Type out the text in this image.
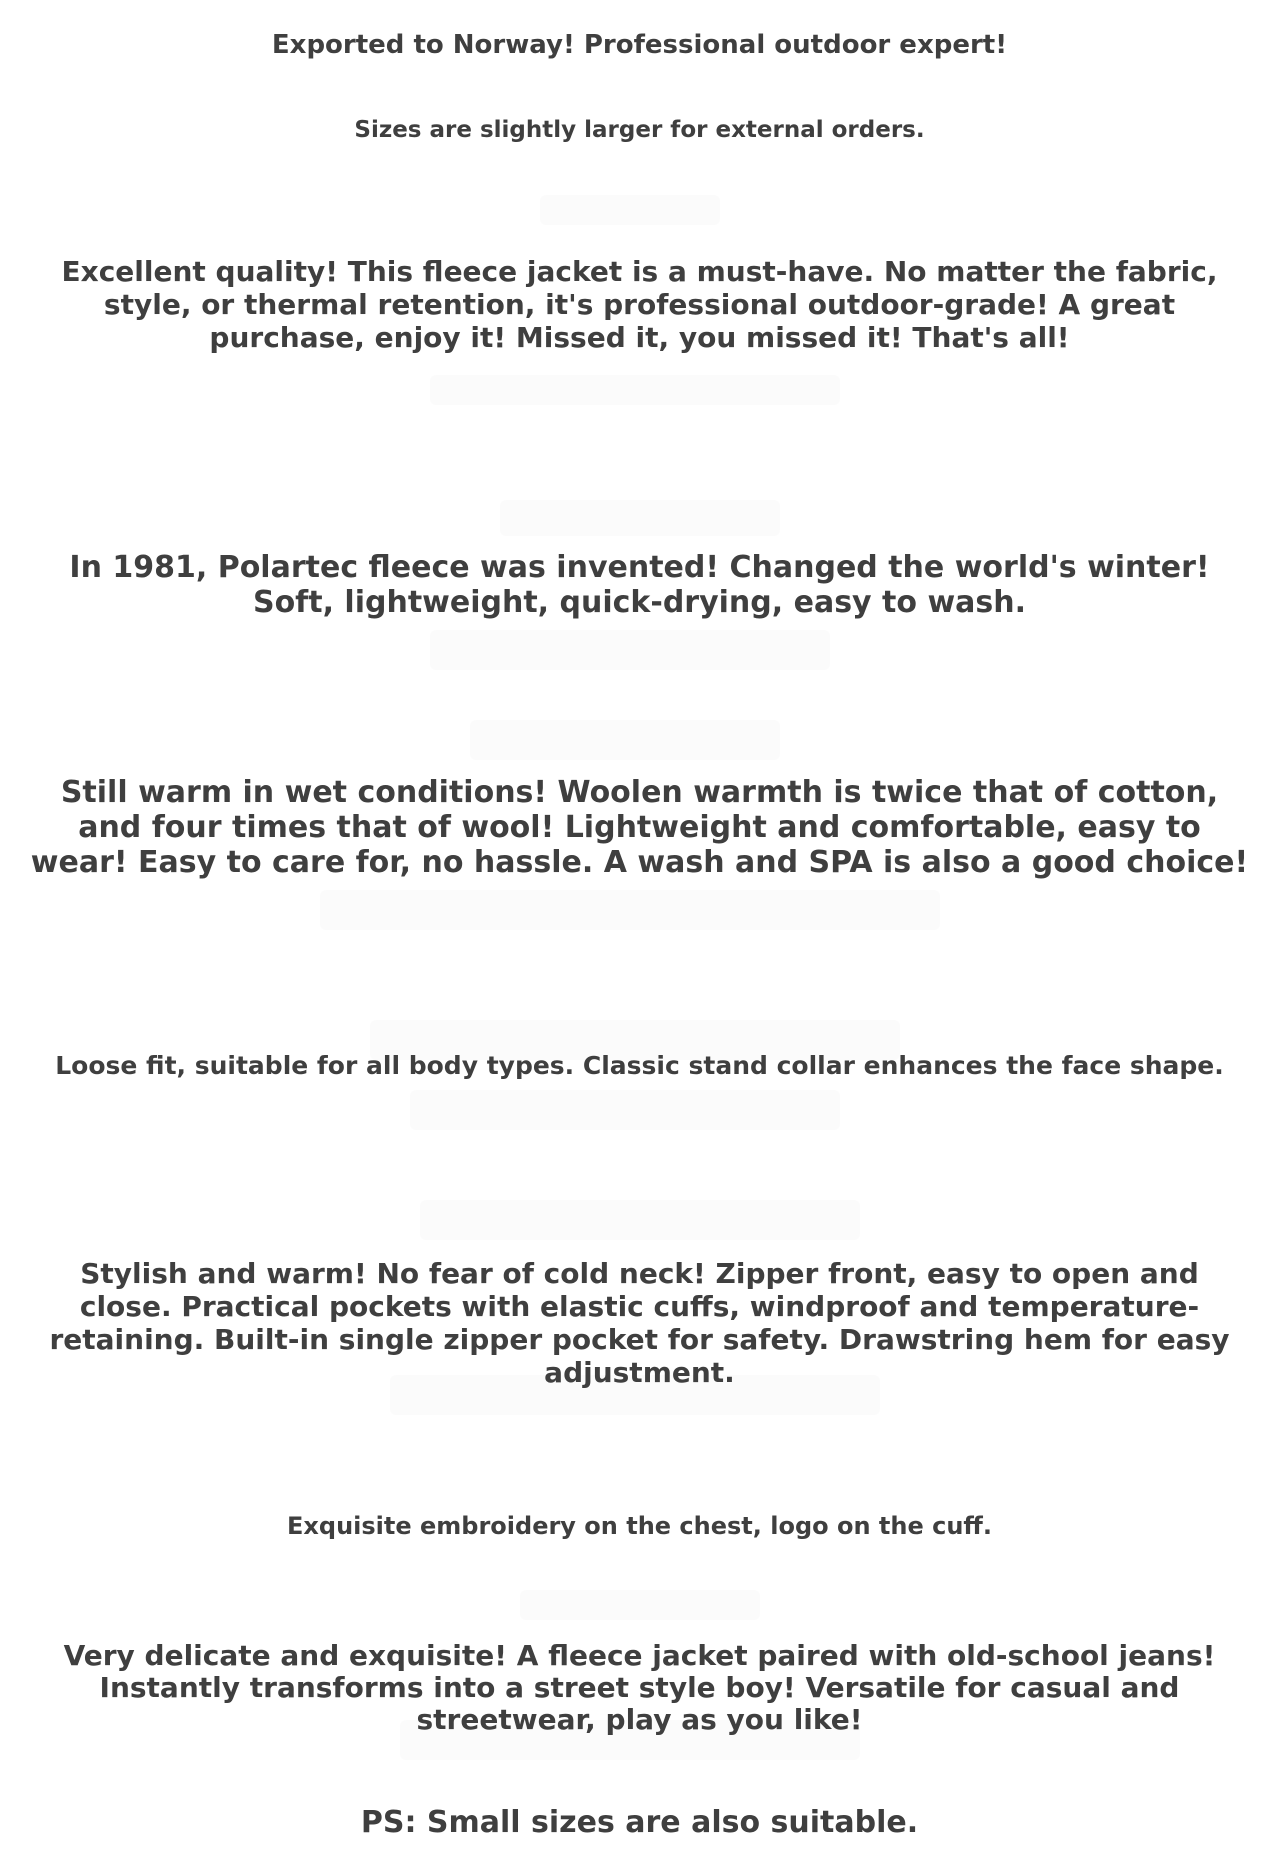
Exported to Norway! Professional outdoor expert!

Sizes are slightly larger for external orders.

Excellent quality! This fleece jacket is a must-have. No matter the fabric, style, or thermal retention, it's professional outdoor-grade! A great purchase, enjoy it! Missed it, you missed it! That's all!

In 1981, Polartec fleece was invented! Changed the world's winter! Soft, lightweight, quick-drying, easy to wash.

Still warm in wet conditions! Woolen warmth is twice that of cotton, and four times that of wool! Lightweight and comfortable, easy to wear! Easy to care for, no hassle. A wash and SPA is also a good choice!

Loose fit, suitable for all body types. Classic stand collar enhances the face shape.

Stylish and warm! No fear of cold neck! Zipper front, easy to open and close. Practical pockets with elastic cuffs, windproof and temperature-retaining. Built-in single zipper pocket for safety. Drawstring hem for easy adjustment.

Exquisite embroidery on the chest, logo on the cuff.

Very delicate and exquisite! A fleece jacket paired with old-school jeans! Instantly transforms into a street style boy! Versatile for casual and streetwear, play as you like!

PS: Small sizes are also suitable.
